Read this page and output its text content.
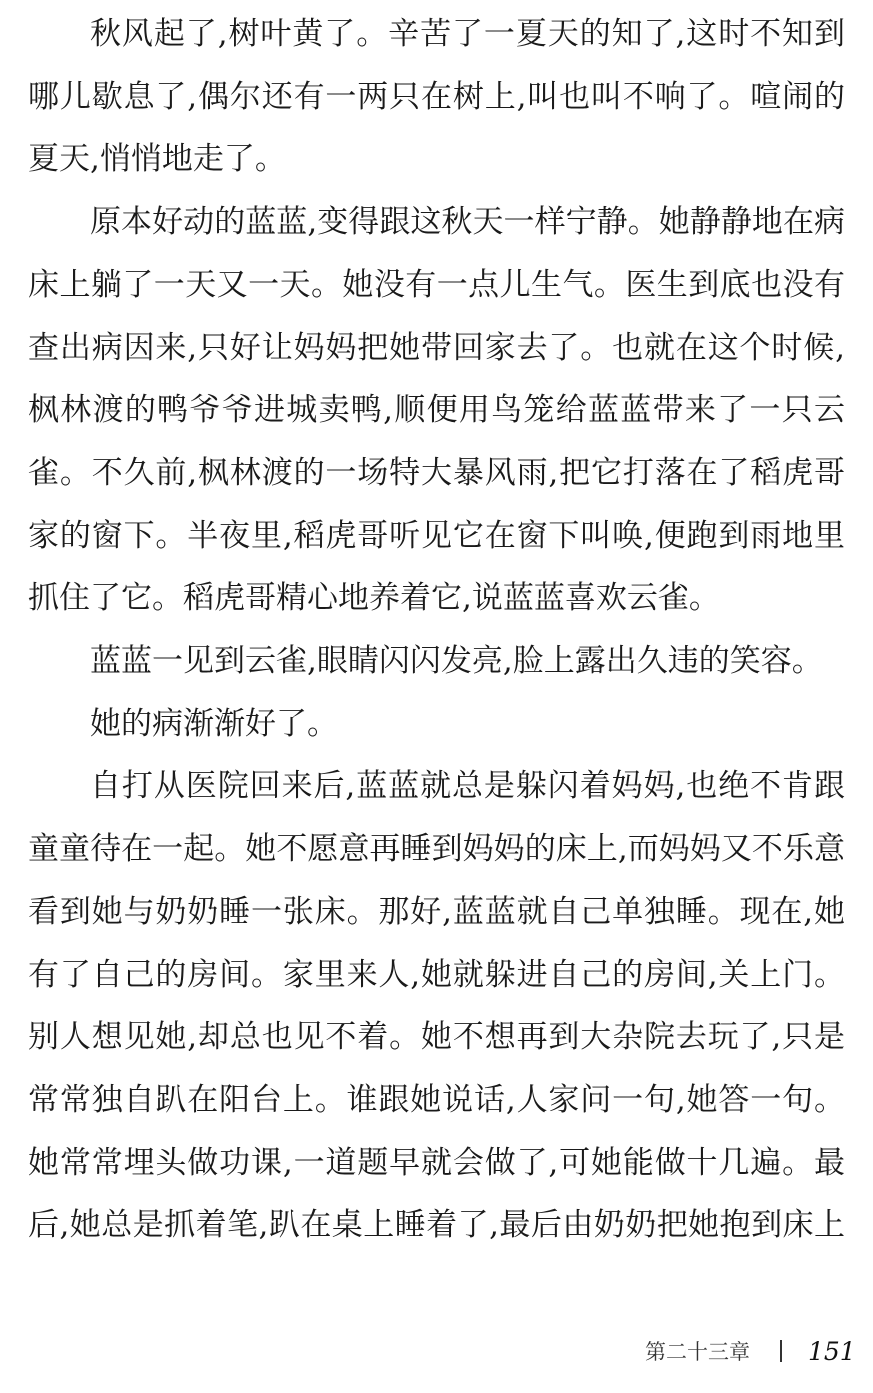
秋风起了,树叶黄了。辛苦了一夏天的知了,这时不知到
哪儿歇息了,偶尔还有一两只在树上,叫也叫不响了。喧闹的
夏天,悄悄地走了。
原本好动的蓝蓝,变得跟这秋天一样宁静。她静静地在病
床上躺了一天又一天。她没有一点儿生气。医生到底也没有
查出病因来,只好让妈妈把她带回家去了。也就在这个时候,
枫林渡的鸭爷爷进城卖鸭,顺便用鸟笼给蓝蓝带来了一只云
雀。不久前,枫林渡的一场特大暴风雨,把它打落在了稻虎哥
家的窗下。半夜里,稻虎哥听见它在窗下叫唤,便跑到雨地里
抓住了它。稻虎哥精心地养着它,说蓝蓝喜欢云雀。
蓝蓝一见到云雀,眼睛闪闪发亮,脸上露出久违的笑容。
她的病渐渐好了。
自打从医院回来后,蓝蓝就总是躲闪着妈妈,也绝不肯跟
童童待在一起。她不愿意再睡到妈妈的床上,而妈妈又不乐意
看到她与奶奶睡一张床。那好,蓝蓝就自己单独睡。现在,她
有了自己的房间。家里来人,她就躲进自己的房间,关上门。
别人想见她,却总也见不着。她不想再到大杂院去玩了,只是
常常独自趴在阳台上。谁跟她说话,人家问一句,她答一句。
她常常埋头做功课,一道题早就会做了,可她能做十几遍。最
后,她总是抓着笔,趴在桌上睡着了,最后由奶奶把她抱到床上
第二十三章 151
